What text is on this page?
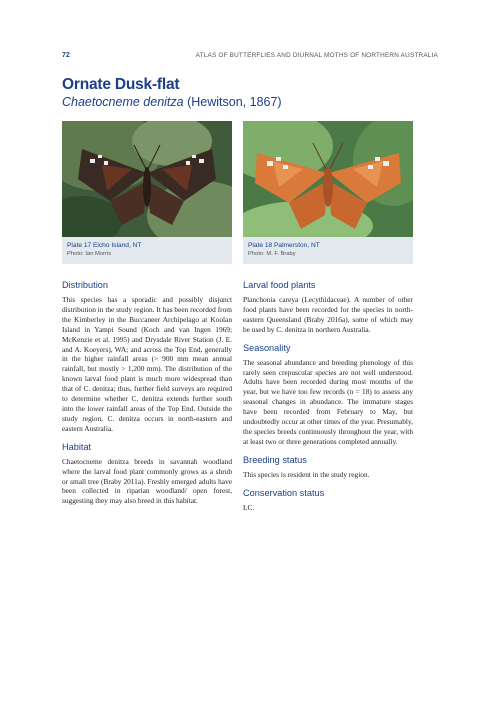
72	ATLAS OF BUTTERFLIES AND DIURNAL MOTHS OF NORTHERN AUSTRALIA
Ornate Dusk-flat
Chaetocneme denitza (Hewitson, 1867)
Plate 17 Elcho Island, NT
Photo: Ian Morris
Plate 18 Palmerston, NT
Photo: M. F. Braby
Distribution

This species has a sporadic and possibly disjunct distribution in the study region. It has been recorded from the Kimberley in the Buccaneer Archipelago at Koolan Island in Yampi Sound (Koch and van Ingen 1969; McKenzie et al. 1995) and Drysdale River Station (J. E. and A. Koeyers), WA; and across the Top End, generally in the higher rainfall areas (> 900 mm mean annual rainfall, but mostly > 1,200 mm). The distribution of the known larval food plant is much more widespread than that of C. denitza; thus, further field surveys are required to determine whether C. denitza extends further south into the lower rainfall areas of the Top End. Outside the study region, C. denitza occurs in north-eastern and eastern Australia.

Habitat

Chaetocneme denitza breeds in savannah woodland where the larval food plant commonly grows as a shrub or small tree (Braby 2011a). Freshly emerged adults have been collected in riparian woodland/ open forest, suggesting they may also breed in this habitat.

Larval food plants

Planchonia careya (Lecythidaceae). A number of other food plants have been recorded for the species in north-eastern Queensland (Braby 2016a), some of which may be used by C. denitza in northern Australia.

Seasonality

The seasonal abundance and breeding phenology of this rarely seen crepuscular species are not well understood. Adults have been recorded during most months of the year, but we have too few records (n = 18) to assess any seasonal changes in abundance. The immature stages have been recorded from February to May, but undoubtedly occur at other times of the year. Presumably, the species breeds continuously throughout the year, with at least two or three generations completed annually.

Breeding status

This species is resident in the study region.

Conservation status

LC.
